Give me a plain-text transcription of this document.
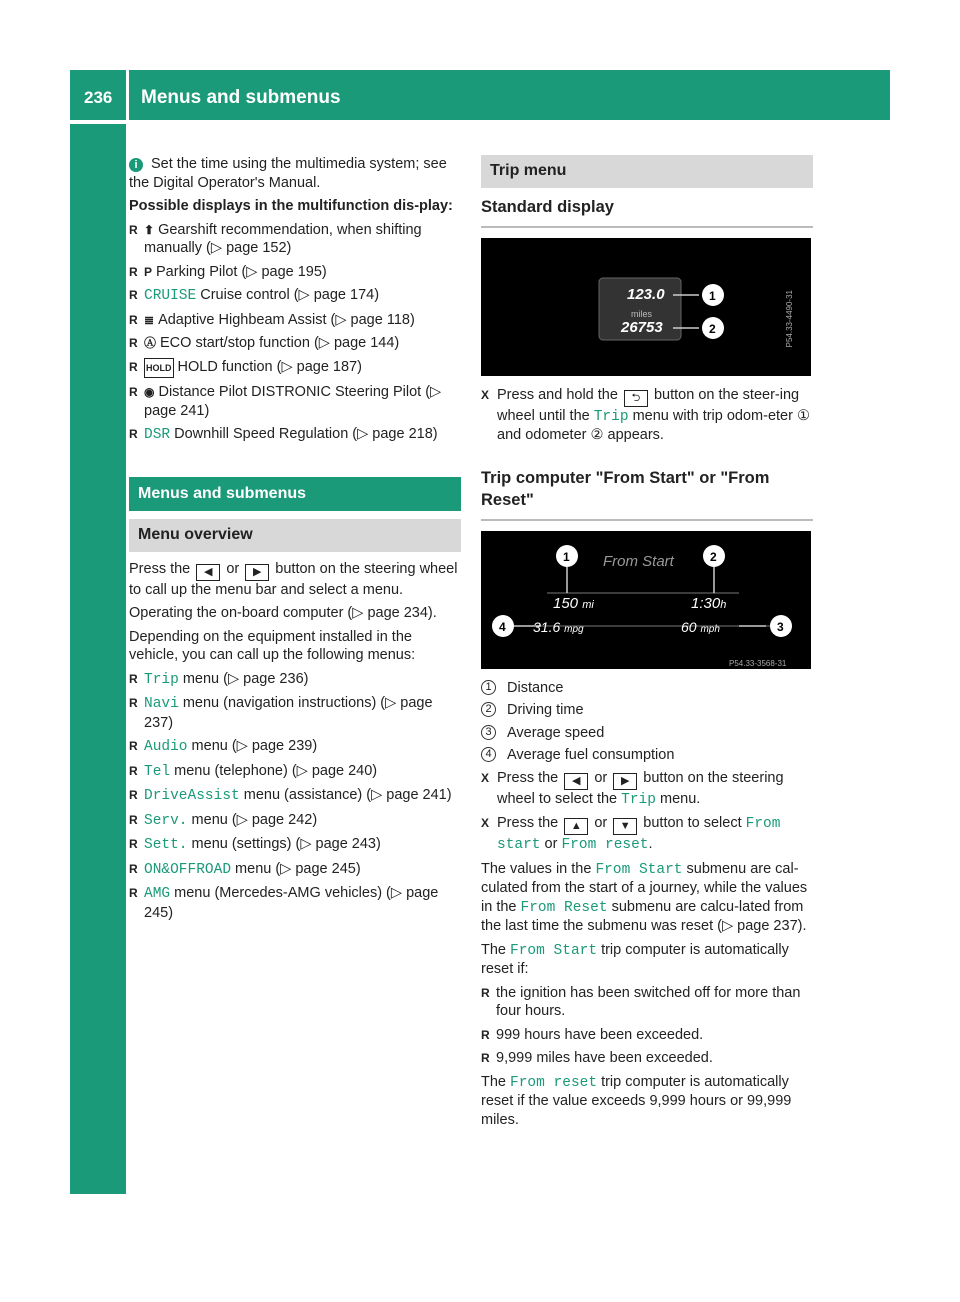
236 Menus and submenus
On-board computer and displays

i Set the time using the multimedia system; see the Digital Operator's Manual.

Possible displays in the multifunction dis-play:

R ⬆ Gearshift recommendation, when shifting manually (▷ page 152)
R P Parking Pilot (▷ page 195)
R CRUISE Cruise control (▷ page 174)
R ≣ Adaptive Highbeam Assist (▷ page 118)
R Ⓐ ECO start/stop function (▷ page 144)
R HOLD HOLD function (▷ page 187)
R ◉ Distance Pilot DISTRONIC Steering Pilot (▷ page 241)
R DSR Downhill Speed Regulation (▷ page 218)
Menus and submenus
Menu overview

Press the ◀ or ▶ button on the steering wheel to call up the menu bar and select a menu.

Operating the on-board computer (▷ page 234).

Depending on the equipment installed in the vehicle, you can call up the following menus:

R Trip menu (▷ page 236)
R Navi menu (navigation instructions) (▷ page 237)
R Audio menu (▷ page 239)
R Tel menu (telephone) (▷ page 240)
R DriveAssist menu (assistance) (▷ page 241)
R Serv. menu (▷ page 242)
R Sett. menu (settings) (▷ page 243)
R ON&OFFROAD menu (▷ page 245)
R AMG menu (Mercedes-AMG vehicles) (▷ page 245)
Trip menu
Standard display
123.0
miles
26753
1
2	P54.33-4490-31
X Press and hold the ⮌ button on the steer-ing wheel until the Trip menu with trip odom-eter ① and odometer ② appears.
Trip computer "From Start" or "From Reset"
1	2
3
4
From Start
150 mi	1:30h
31.6 mpg	60 mph
P54.33-3568-31
1	Distance
2	Driving time
3	Average speed
4	Average fuel consumption
X Press the ◀ or ▶ button on the steering wheel to select the Trip menu.
X Press the ▲ or ▼ button to select From start or From reset.

The values in the From Start submenu are cal-culated from the start of a journey, while the values in the From Reset submenu are calcu-lated from the last time the submenu was reset (▷ page 237).

The From Start trip computer is automatically reset if:

R the ignition has been switched off for more than four hours.
R 999 hours have been exceeded.
R 9,999 miles have been exceeded.

The From reset trip computer is automatically reset if the value exceeds 9,999 hours or 99,999 miles.
